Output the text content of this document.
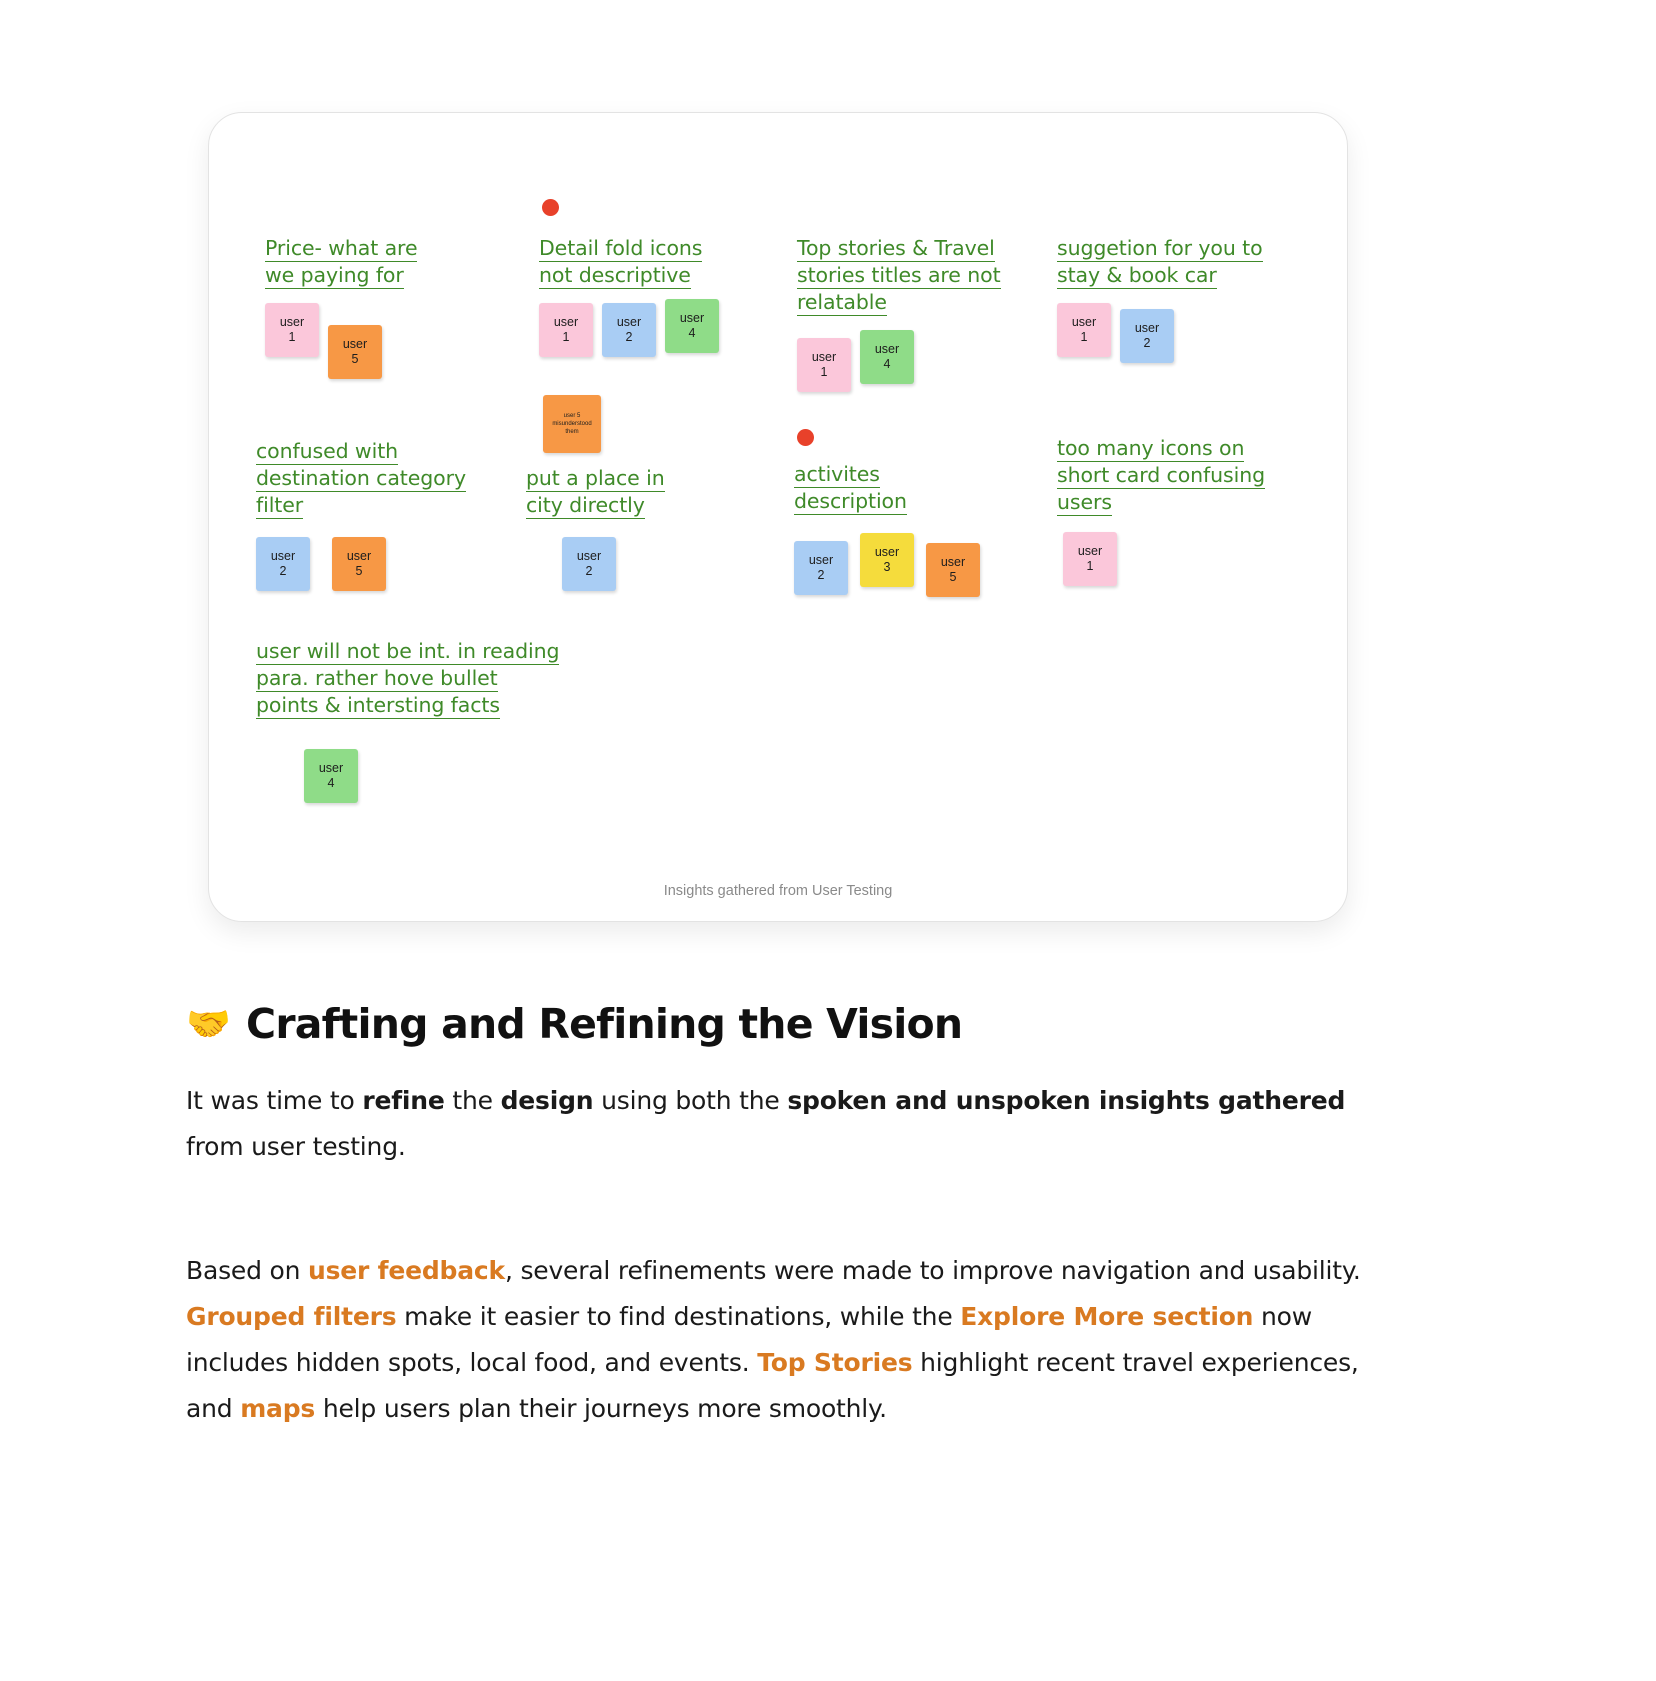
Price- what are
we paying for
user
1	user
5
Detail fold icons
not descriptive
user
1
user
2
user
4
Top stories & Travel
stories titles are not
relatable
user
1
user
4
suggetion for you to
stay & book car
user
1
user
2
user 5
misunderstood them
confused with
destination category
filter
user
2
user
5
put a place in
city directly
user
2
activites
description
user
2
user
3	user
5
too many icons on
short card confusing
users
user
1
user will not be int. in reading
para. rather hove bullet
points & intersting facts
user
4
Insights gathered from User Testing
🤝 Crafting and Refining the Vision

It was time to refine the design using both the spoken and unspoken insights gathered from user testing.

Based on user feedback, several refinements were made to improve navigation and usability. Grouped filters make it easier to find destinations, while the Explore More section now includes hidden spots, local food, and events. Top Stories highlight recent travel experiences, and maps help users plan their journeys more smoothly.
